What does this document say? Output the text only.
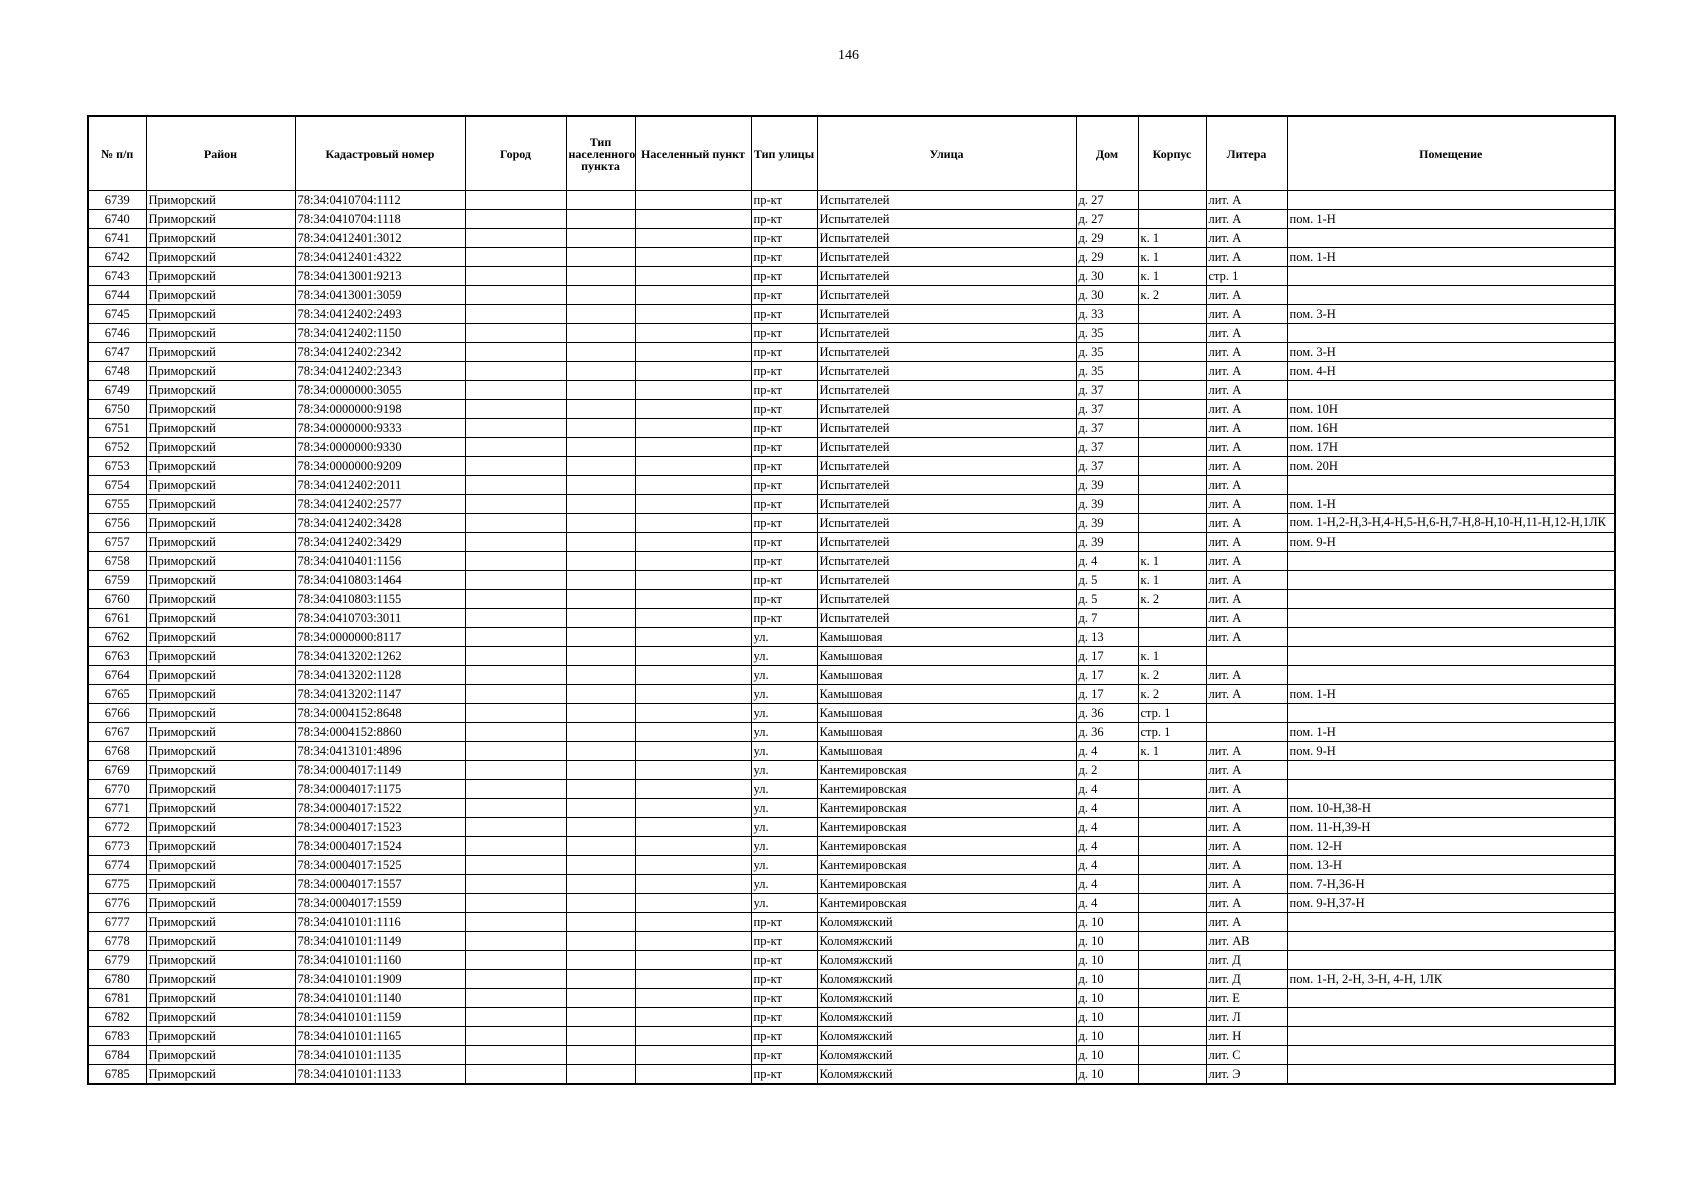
146
№ п/п	Район	Кадастровый номер	Город	Тип населенного пункта	Населенный пункт	Тип улицы	Улица	Дом	Корпус	Литера	Помещение
6739	Приморский	78:34:0410704:1112				пр-кт	Испытателей	д. 27		лит. А	
6740	Приморский	78:34:0410704:1118				пр-кт	Испытателей	д. 27		лит. А	пом. 1-Н
6741	Приморский	78:34:0412401:3012				пр-кт	Испытателей	д. 29	к. 1	лит. А	
6742	Приморский	78:34:0412401:4322				пр-кт	Испытателей	д. 29	к. 1	лит. А	пом. 1-Н
6743	Приморский	78:34:0413001:9213				пр-кт	Испытателей	д. 30	к. 1	стр. 1	
6744	Приморский	78:34:0413001:3059				пр-кт	Испытателей	д. 30	к. 2	лит. А	
6745	Приморский	78:34:0412402:2493				пр-кт	Испытателей	д. 33		лит. А	пом. 3-Н
6746	Приморский	78:34:0412402:1150				пр-кт	Испытателей	д. 35		лит. А	
6747	Приморский	78:34:0412402:2342				пр-кт	Испытателей	д. 35		лит. А	пом. 3-Н
6748	Приморский	78:34:0412402:2343				пр-кт	Испытателей	д. 35		лит. А	пом. 4-Н
6749	Приморский	78:34:0000000:3055				пр-кт	Испытателей	д. 37		лит. А	
6750	Приморский	78:34:0000000:9198				пр-кт	Испытателей	д. 37		лит. А	пом. 10Н
6751	Приморский	78:34:0000000:9333				пр-кт	Испытателей	д. 37		лит. А	пом. 16Н
6752	Приморский	78:34:0000000:9330				пр-кт	Испытателей	д. 37		лит. А	пом. 17Н
6753	Приморский	78:34:0000000:9209				пр-кт	Испытателей	д. 37		лит. А	пом. 20Н
6754	Приморский	78:34:0412402:2011				пр-кт	Испытателей	д. 39		лит. А	
6755	Приморский	78:34:0412402:2577				пр-кт	Испытателей	д. 39		лит. А	пом. 1-Н
6756	Приморский	78:34:0412402:3428				пр-кт	Испытателей	д. 39		лит. А	пом. 1-Н,2-Н,3-Н,4-Н,5-Н,6-Н,7-Н,8-Н,10-Н,11-Н,12-Н,1ЛК
6757	Приморский	78:34:0412402:3429				пр-кт	Испытателей	д. 39		лит. А	пом. 9-Н
6758	Приморский	78:34:0410401:1156				пр-кт	Испытателей	д. 4	к. 1	лит. А	
6759	Приморский	78:34:0410803:1464				пр-кт	Испытателей	д. 5	к. 1	лит. А	
6760	Приморский	78:34:0410803:1155				пр-кт	Испытателей	д. 5	к. 2	лит. А	
6761	Приморский	78:34:0410703:3011				пр-кт	Испытателей	д. 7		лит. А	
6762	Приморский	78:34:0000000:8117				ул.	Камышовая	д. 13		лит. А	
6763	Приморский	78:34:0413202:1262				ул.	Камышовая	д. 17	к. 1		
6764	Приморский	78:34:0413202:1128				ул.	Камышовая	д. 17	к. 2	лит. А	
6765	Приморский	78:34:0413202:1147				ул.	Камышовая	д. 17	к. 2	лит. А	пом. 1-Н
6766	Приморский	78:34:0004152:8648				ул.	Камышовая	д. 36	стр. 1		
6767	Приморский	78:34:0004152:8860				ул.	Камышовая	д. 36	стр. 1		пом. 1-Н
6768	Приморский	78:34:0413101:4896				ул.	Камышовая	д. 4	к. 1	лит. А	пом. 9-Н
6769	Приморский	78:34:0004017:1149				ул.	Кантемировская	д. 2		лит. А	
6770	Приморский	78:34:0004017:1175				ул.	Кантемировская	д. 4		лит. А	
6771	Приморский	78:34:0004017:1522				ул.	Кантемировская	д. 4		лит. А	пом. 10-Н,38-Н
6772	Приморский	78:34:0004017:1523				ул.	Кантемировская	д. 4		лит. А	пом. 11-Н,39-Н
6773	Приморский	78:34:0004017:1524				ул.	Кантемировская	д. 4		лит. А	пом. 12-Н
6774	Приморский	78:34:0004017:1525				ул.	Кантемировская	д. 4		лит. А	пом. 13-Н
6775	Приморский	78:34:0004017:1557				ул.	Кантемировская	д. 4		лит. А	пом. 7-Н,36-Н
6776	Приморский	78:34:0004017:1559				ул.	Кантемировская	д. 4		лит. А	пом. 9-Н,37-Н
6777	Приморский	78:34:0410101:1116				пр-кт	Коломяжский	д. 10		лит. А	
6778	Приморский	78:34:0410101:1149				пр-кт	Коломяжский	д. 10		лит. АВ	
6779	Приморский	78:34:0410101:1160				пр-кт	Коломяжский	д. 10		лит. Д	
6780	Приморский	78:34:0410101:1909				пр-кт	Коломяжский	д. 10		лит. Д	пом. 1-Н, 2-Н, 3-Н, 4-Н, 1ЛК
6781	Приморский	78:34:0410101:1140				пр-кт	Коломяжский	д. 10		лит. Е	
6782	Приморский	78:34:0410101:1159				пр-кт	Коломяжский	д. 10		лит. Л	
6783	Приморский	78:34:0410101:1165				пр-кт	Коломяжский	д. 10		лит. Н	
6784	Приморский	78:34:0410101:1135				пр-кт	Коломяжский	д. 10		лит. С	
6785	Приморский	78:34:0410101:1133				пр-кт	Коломяжский	д. 10		лит. Э	
